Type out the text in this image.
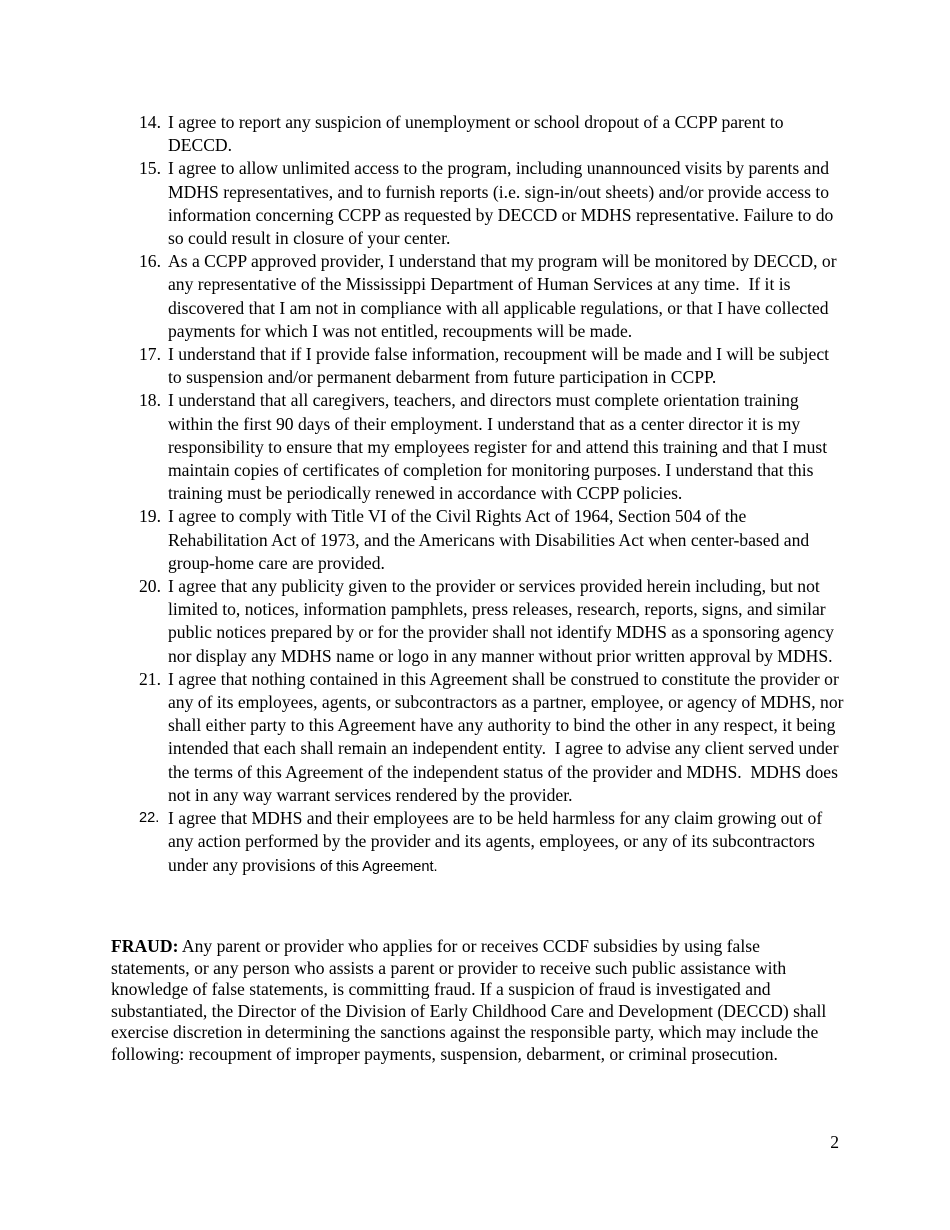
14. I agree to report any suspicion of unemployment or school dropout of a CCPP parent to DECCD.
15. I agree to allow unlimited access to the program, including unannounced visits by parents and MDHS representatives, and to furnish reports (i.e. sign-in/out sheets) and/or provide access to information concerning CCPP as requested by DECCD or MDHS representative. Failure to do so could result in closure of your center.
16. As a CCPP approved provider, I understand that my program will be monitored by DECCD, or any representative of the Mississippi Department of Human Services at any time.  If it is discovered that I am not in compliance with all applicable regulations, or that I have collected payments for which I was not entitled, recoupments will be made.
17. I understand that if I provide false information, recoupment will be made and I will be subject to suspension and/or permanent debarment from future participation in CCPP.
18. I understand that all caregivers, teachers, and directors must complete orientation training within the first 90 days of their employment. I understand that as a center director it is my responsibility to ensure that my employees register for and attend this training and that I must maintain copies of certificates of completion for monitoring purposes. I understand that this training must be periodically renewed in accordance with CCPP policies.
19. I agree to comply with Title VI of the Civil Rights Act of 1964, Section 504 of the Rehabilitation Act of 1973, and the Americans with Disabilities Act when center-based and group-home care are provided.
20. I agree that any publicity given to the provider or services provided herein including, but not limited to, notices, information pamphlets, press releases, research, reports, signs, and similar public notices prepared by or for the provider shall not identify MDHS as a sponsoring agency nor display any MDHS name or logo in any manner without prior written approval by MDHS.
21. I agree that nothing contained in this Agreement shall be construed to constitute the provider or any of its employees, agents, or subcontractors as a partner, employee, or agency of MDHS, nor shall either party to this Agreement have any authority to bind the other in any respect, it being intended that each shall remain an independent entity.  I agree to advise any client served under the terms of this Agreement of the independent status of the provider and MDHS.  MDHS does not in any way warrant services rendered by the provider.
22. I agree that MDHS and their employees are to be held harmless for any claim growing out of any action performed by the provider and its agents, employees, or any of its subcontractors under any provisions of this Agreement.

FRAUD: Any parent or provider who applies for or receives CCDF subsidies by using false statements, or any person who assists a parent or provider to receive such public assistance with knowledge of false statements, is committing fraud. If a suspicion of fraud is investigated and substantiated, the Director of the Division of Early Childhood Care and Development (DECCD) shall exercise discretion in determining the sanctions against the responsible party, which may include the following: recoupment of improper payments, suspension, debarment, or criminal prosecution.

2
